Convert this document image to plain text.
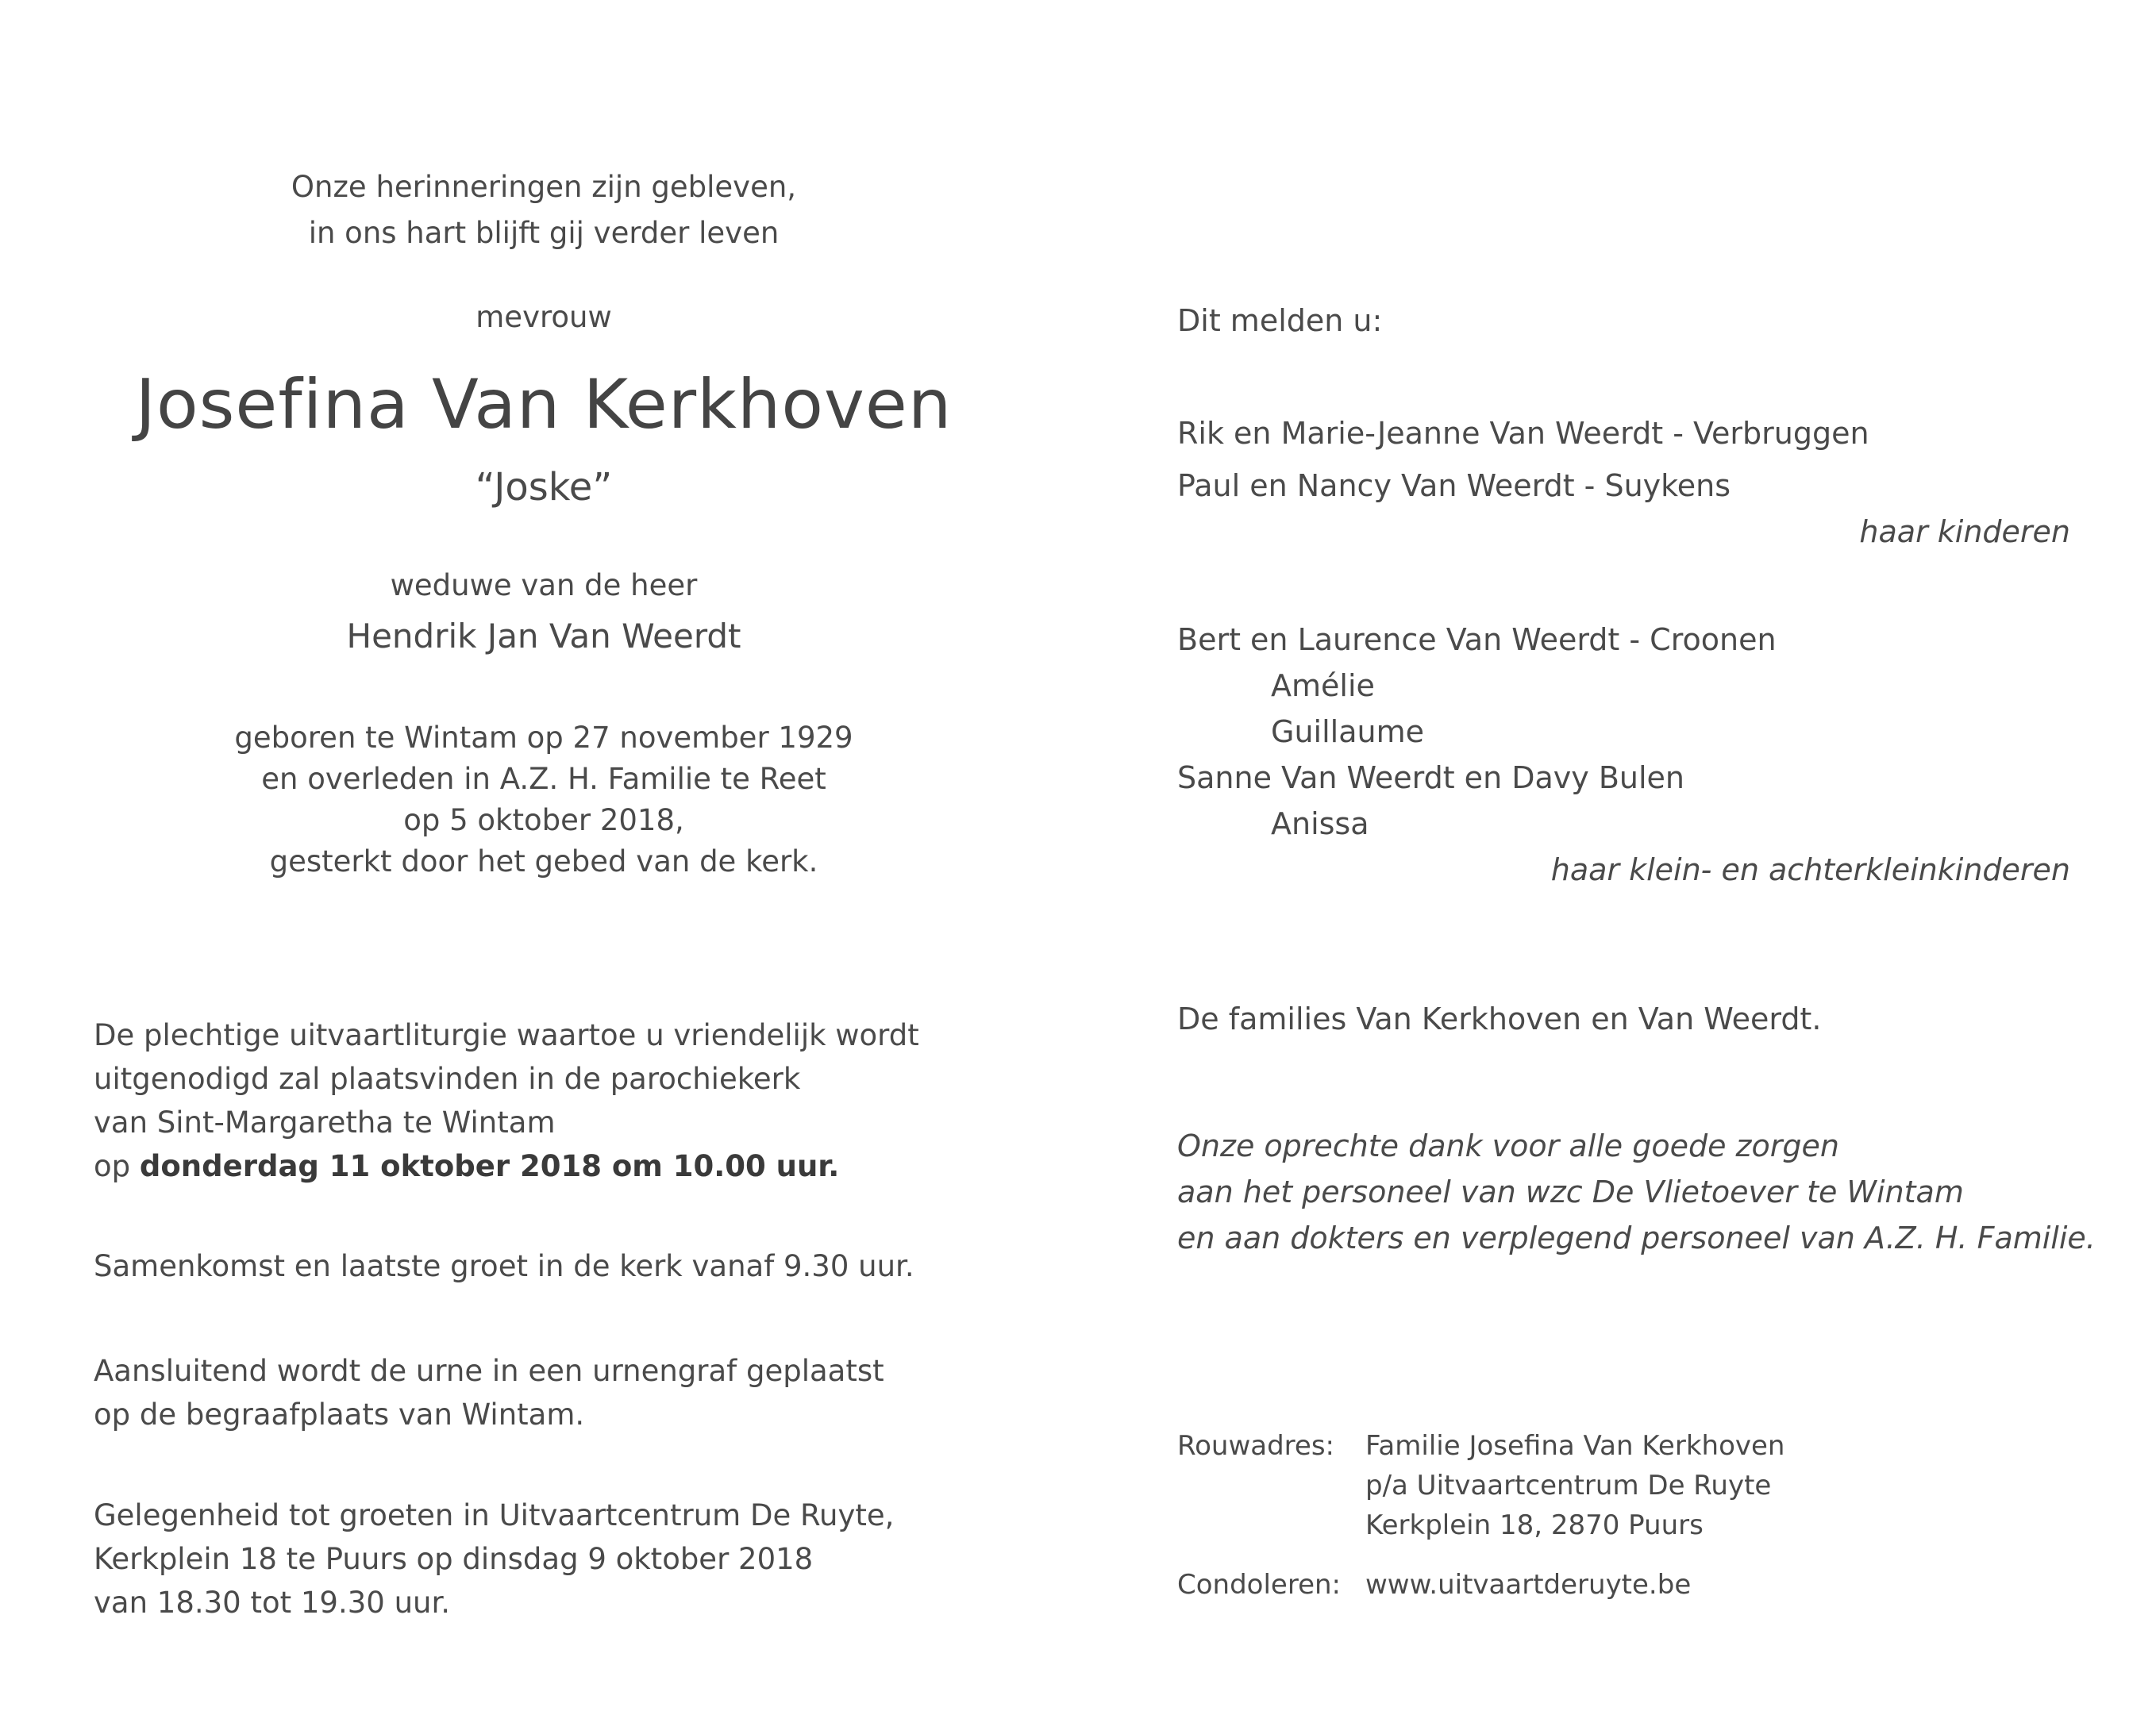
Onze herinneringen zijn gebleven,
in ons hart blijft gij verder leven
mevrouw
Josefina Van Kerkhoven
“Joske”
weduwe van de heer
Hendrik Jan Van Weerdt
geboren te Wintam op 27 november 1929
en overleden in A.Z. H. Familie te Reet
op 5 oktober 2018,
gesterkt door het gebed van de kerk.

De plechtige uitvaartliturgie waartoe u vriendelijk wordt

uitgenodigd zal plaatsvinden in de parochiekerk

van Sint-Margaretha te Wintam

op donderdag 11 oktober 2018 om 10.00 uur.

Samenkomst en laatste groet in de kerk vanaf 9.30 uur.

Aansluitend wordt de urne in een urnengraf geplaatst

op de begraafplaats van Wintam.

Gelegenheid tot groeten in Uitvaartcentrum De Ruyte,

Kerkplein 18 te Puurs op dinsdag 9 oktober 2018

van 18.30 tot 19.30 uur.

Dit melden u:
Rik en Marie-Jeanne Van Weerdt - Verbruggen
Paul en Nancy Van Weerdt - Suykens
haar kinderen
Bert en Laurence Van Weerdt - Croonen
Amélie
Guillaume
Sanne Van Weerdt en Davy Bulen
Anissa
haar klein- en achterkleinkinderen
De families Van Kerkhoven en Van Weerdt.
Onze oprechte dank voor alle goede zorgen
aan het personeel van wzc De Vlietoever te Wintam
en aan dokters en verplegend personeel van A.Z. H. Familie.
Rouwadres: Familie Josefina Van Kerkhoven
p/a Uitvaartcentrum De Ruyte
Kerkplein 18, 2870 Puurs
Condoleren: www.uitvaartderuyte.be
